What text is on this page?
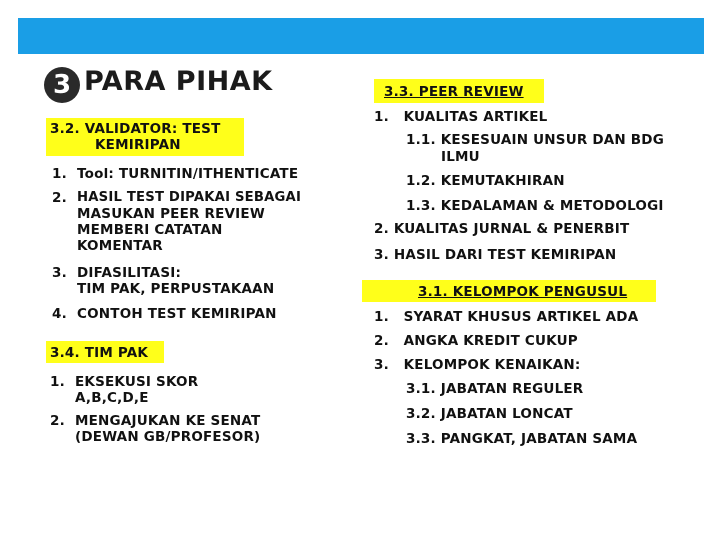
3 PARA PIHAK
3.2. VALIDATOR: TEST
KEMIRIPAN
1. Tool: TURNITIN/ITHENTICATE
2. HASIL TEST DIPAKAI SEBAGAI
MASUKAN PEER REVIEW
MEMBERI CATATAN
KOMENTAR
3. DIFASILITASI:
TIM PAK, PERPUSTAKAAN
4. CONTOH TEST KEMIRIPAN
3.4. TIM PAK
1. EKSEKUSI SKOR
A,B,C,D,E
2. MENGAJUKAN KE SENAT
(DEWAN GB/PROFESOR)
3.3. PEER REVIEW
1.   KUALITAS ARTIKEL
1.1. KESESUAIN UNSUR DAN BDG
ILMU
1.2. KEMUTAKHIRAN
1.3. KEDALAMAN & METODOLOGI
2. KUALITAS JURNAL & PENERBIT
3. HASIL DARI TEST KEMIRIPAN
3.1. KELOMPOK PENGUSUL
1.   SYARAT KHUSUS ARTIKEL ADA
2.   ANGKA KREDIT CUKUP
3.   KELOMPOK KENAIKAN:
3.1. JABATAN REGULER
3.2. JABATAN LONCAT
3.3. PANGKAT, JABATAN SAMA
